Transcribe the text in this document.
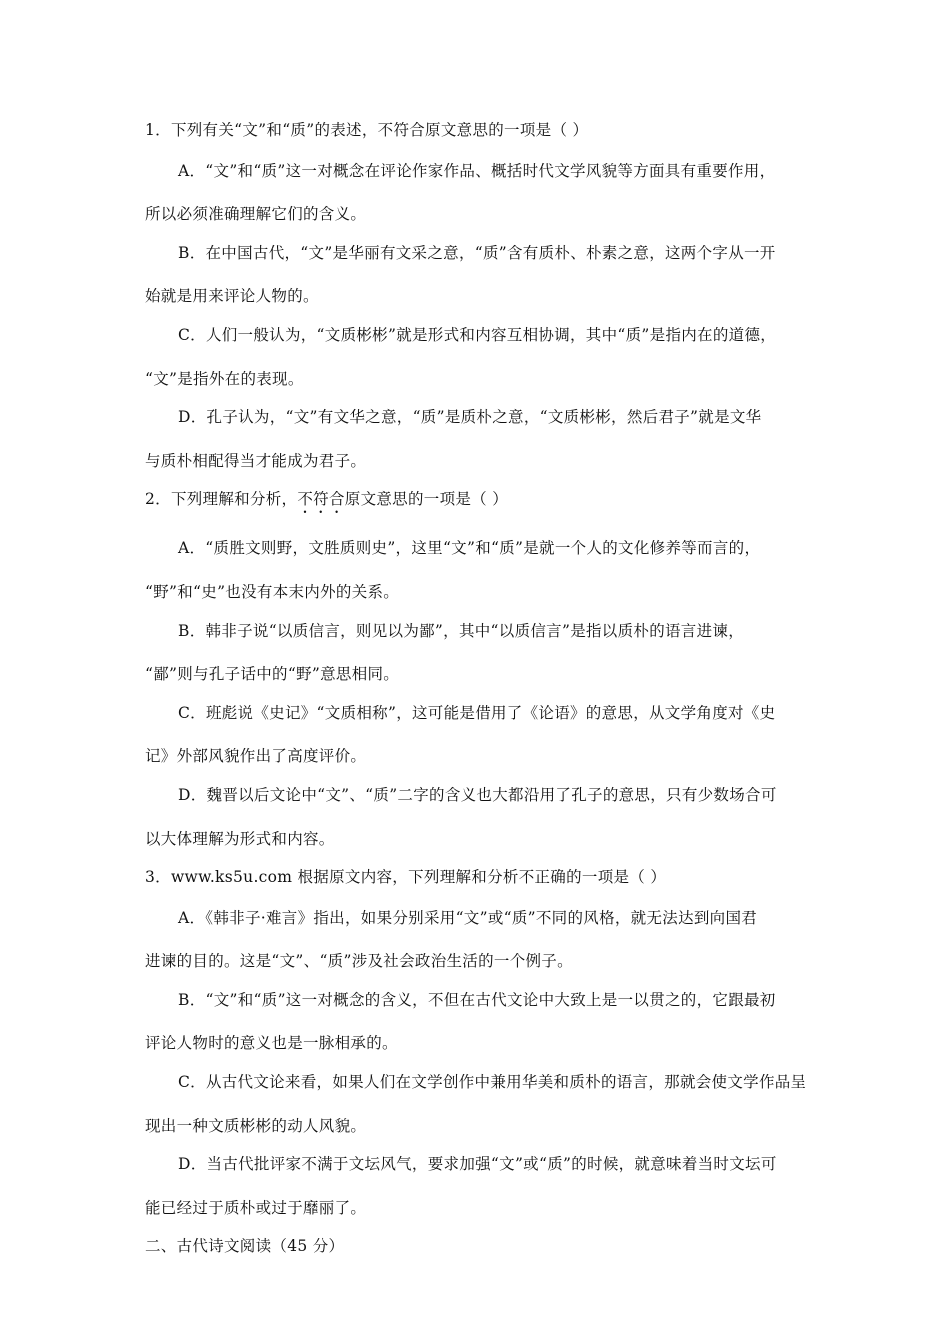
1．下列有关“文”和“质”的表述，不符合原文意思的一项是（ ）
A．“文”和“质”这一对概念在评论作家作品、概括时代文学风貌等方面具有重要作用，
所以必须准确理解它们的含义。
B．在中国古代，“文”是华丽有文采之意，“质”含有质朴、朴素之意，这两个字从一开
始就是用来评论人物的。
C．人们一般认为，“文质彬彬”就是形式和内容互相协调，其中“质”是指内在的道德，
“文”是指外在的表现。
D．孔子认为，“文”有文华之意，“质”是质朴之意，“文质彬彬，然后君子”就是文华
与质朴相配得当才能成为君子。
2．下列理解和分析，不符合原文意思的一项是（ ）
A．“质胜文则野，文胜质则史”，这里“文”和“质”是就一个人的文化修养等而言的，
“野”和“史”也没有本末内外的关系。
B．韩非子说“以质信言，则见以为鄙”，其中“以质信言”是指以质朴的语言进谏，
“鄙”则与孔子话中的“野”意思相同。
C．班彪说《史记》“文质相称”，这可能是借用了《论语》的意思，从文学角度对《史
记》外部风貌作出了高度评价。
D．魏晋以后文论中“文”、“质”二字的含义也大都沿用了孔子的意思，只有少数场合可
以大体理解为形式和内容。
3．www.ks5u.com 根据原文内容，下列理解和分析不正确的一项是（ ）
A．《韩非子·难言》指出，如果分别采用“文”或“质”不同的风格，就无法达到向国君
进谏的目的。这是“文”、“质”涉及社会政治生活的一个例子。
B．“文”和“质”这一对概念的含义，不但在古代文论中大致上是一以贯之的，它跟最初
评论人物时的意义也是一脉相承的。
C．从古代文论来看，如果人们在文学创作中兼用华美和质朴的语言，那就会使文学作品呈
现出一种文质彬彬的动人风貌。
D．当古代批评家不满于文坛风气，要求加强“文”或“质”的时候，就意味着当时文坛可
能已经过于质朴或过于靡丽了。
二、古代诗文阅读（45 分）
